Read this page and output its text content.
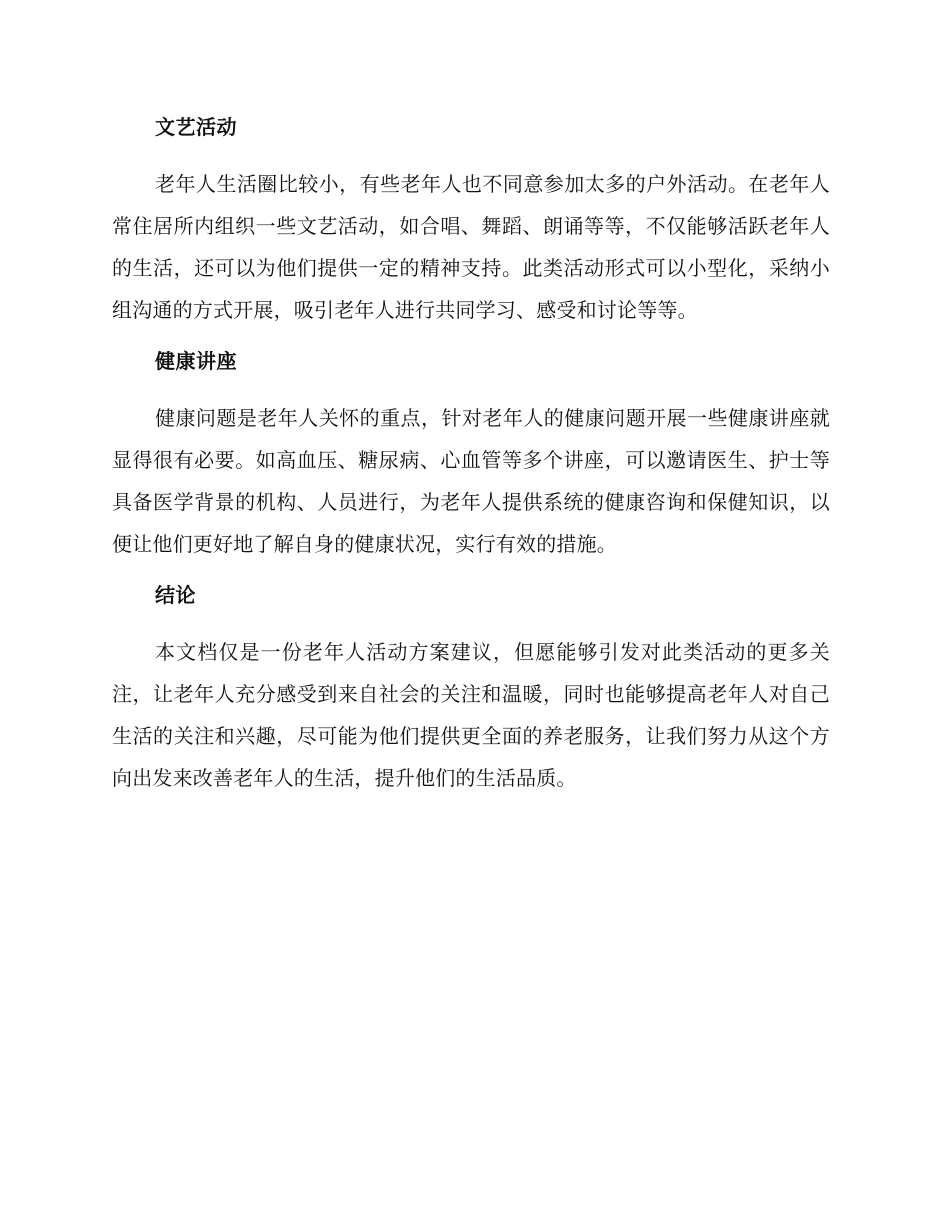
文艺活动

老年人生活圈比较小，有些老年人也不同意参加太多的户外活动。在老年人常住居所内组织一些文艺活动，如合唱、舞蹈、朗诵等等，不仅能够活跃老年人的生活，还可以为他们提供一定的精神支持。此类活动形式可以小型化，采纳小组沟通的方式开展，吸引老年人进行共同学习、感受和讨论等等。

健康讲座

健康问题是老年人关怀的重点，针对老年人的健康问题开展一些健康讲座就显得很有必要。如高血压、糖尿病、心血管等多个讲座，可以邀请医生、护士等具备医学背景的机构、人员进行，为老年人提供系统的健康咨询和保健知识，以便让他们更好地了解自身的健康状况，实行有效的措施。

结论

本文档仅是一份老年人活动方案建议，但愿能够引发对此类活动的更多关注，让老年人充分感受到来自社会的关注和温暖，同时也能够提高老年人对自己生活的关注和兴趣，尽可能为他们提供更全面的养老服务，让我们努力从这个方向出发来改善老年人的生活，提升他们的生活品质。
